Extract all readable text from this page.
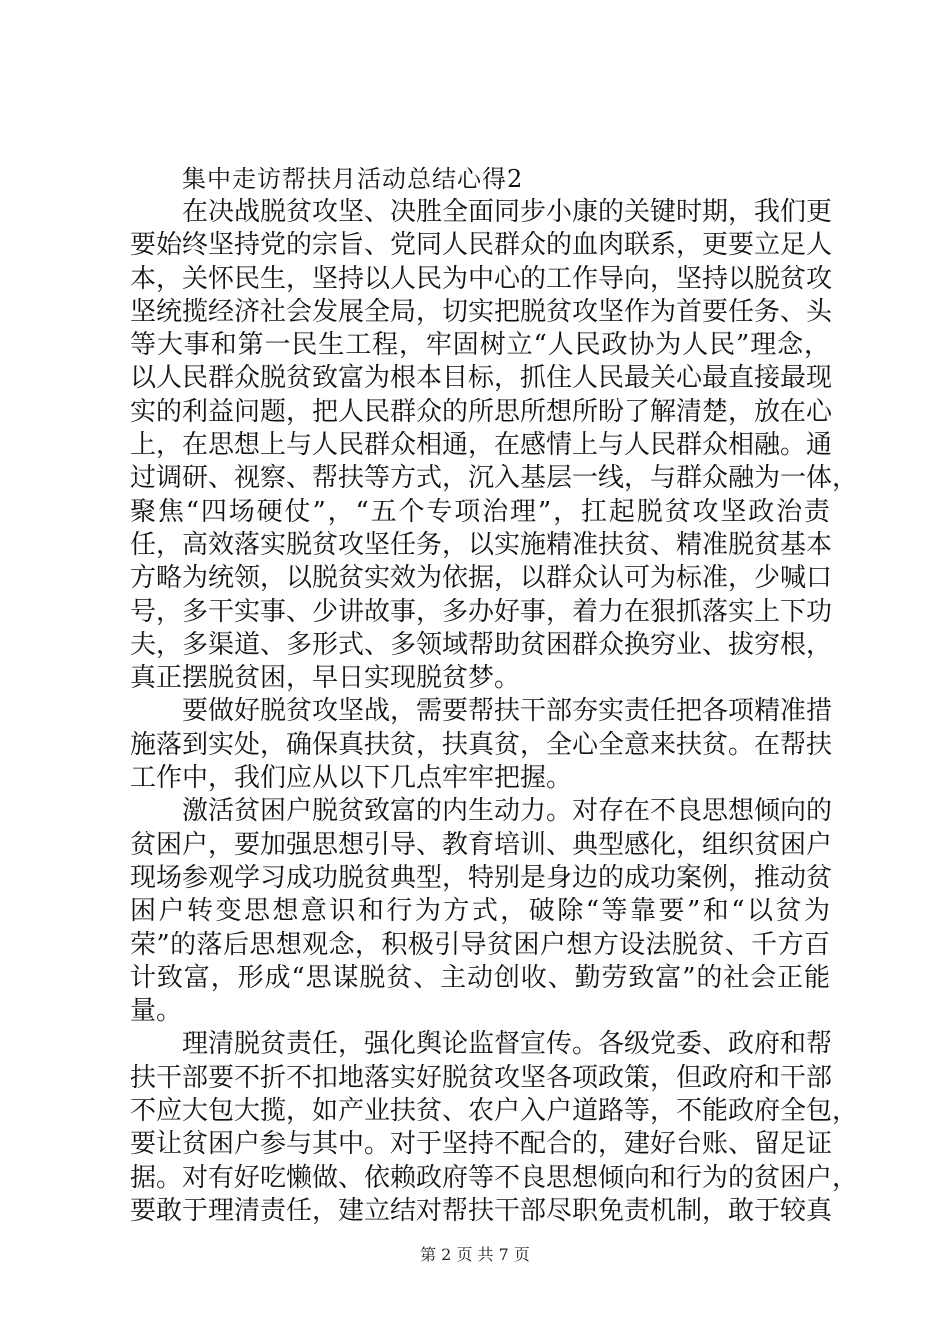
集中走访帮扶月活动总结心得2
在决战脱贫攻坚、决胜全面同步小康的关键时期，我们更
要始终坚持党的宗旨、党同人民群众的血肉联系，更要立足人
本，关怀民生，坚持以人民为中心的工作导向，坚持以脱贫攻
坚统揽经济社会发展全局，切实把脱贫攻坚作为首要任务、头
等大事和第一民生工程，牢固树立“人民政协为人民”理念，
以人民群众脱贫致富为根本目标，抓住人民最关心最直接最现
实的利益问题，把人民群众的所思所想所盼了解清楚，放在心
上，在思想上与人民群众相通，在感情上与人民群众相融。通
过调研、视察、帮扶等方式，沉入基层一线，与群众融为一体，
聚焦“四场硬仗”，“五个专项治理”，扛起脱贫攻坚政治责
任，高效落实脱贫攻坚任务，以实施精准扶贫、精准脱贫基本
方略为统领，以脱贫实效为依据，以群众认可为标准，少喊口
号，多干实事、少讲故事，多办好事，着力在狠抓落实上下功
夫，多渠道、多形式、多领域帮助贫困群众换穷业、拔穷根，
真正摆脱贫困，早日实现脱贫梦。
要做好脱贫攻坚战，需要帮扶干部夯实责任把各项精准措
施落到实处，确保真扶贫，扶真贫，全心全意来扶贫。在帮扶
工作中，我们应从以下几点牢牢把握。
激活贫困户脱贫致富的内生动力。对存在不良思想倾向的
贫困户，要加强思想引导、教育培训、典型感化，组织贫困户
现场参观学习成功脱贫典型，特别是身边的成功案例，推动贫
困户转变思想意识和行为方式，破除“等靠要”和“以贫为
荣”的落后思想观念，积极引导贫困户想方设法脱贫、千方百
计致富，形成“思谋脱贫、主动创收、勤劳致富”的社会正能
量。
理清脱贫责任，强化舆论监督宣传。各级党委、政府和帮
扶干部要不折不扣地落实好脱贫攻坚各项政策，但政府和干部
不应大包大揽，如产业扶贫、农户入户道路等，不能政府全包，
要让贫困户参与其中。对于坚持不配合的，建好台账、留足证
据。对有好吃懒做、依赖政府等不良思想倾向和行为的贫困户，
要敢于理清责任，建立结对帮扶干部尽职免责机制，敢于较真
第 2 页 共 7 页
